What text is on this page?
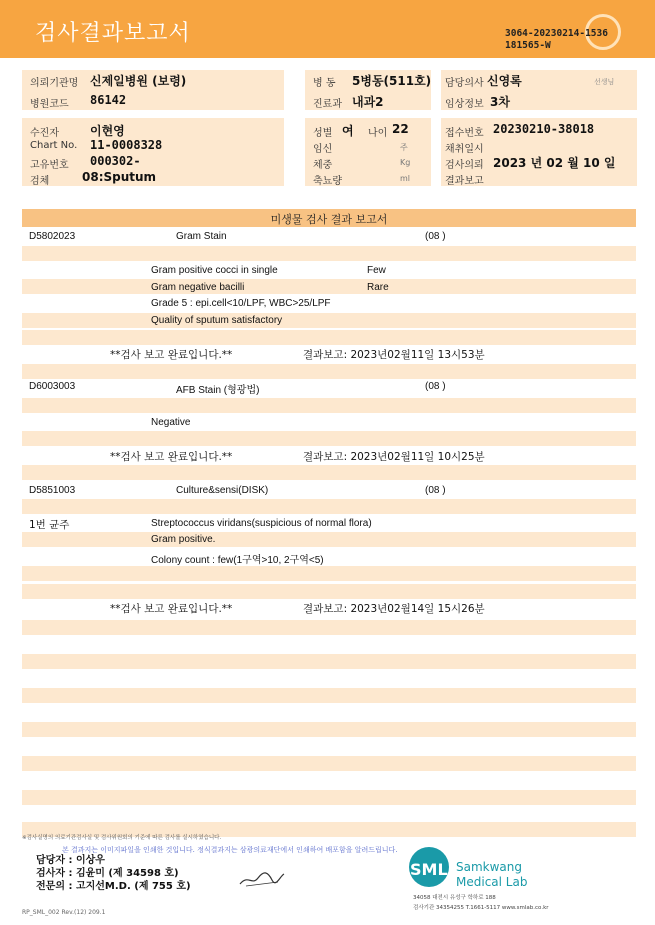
검사결과보고서	3064-20230214-1536
181565-W
의뢰기관명 신제일병원 (보령)
병원코드 86142
병 동 5병동(511호)
진료과 내과2
담당의사 신영록	선생님
임상정보 3차
수진자	이현영
Chart No. 11-0008328
고유번호 000302-
검체	08:Sputum
성별 여 나이 22
임신	주
체중	Kg
축뇨량	ml
접수번호 20230210-38018
채취일시
검사의뢰 2023 년 02 월 10 일
결과보고
미생물 검사 결과 보고서
D5802023	Gram Stain	(08 )
Gram positive cocci in single	Few
Gram negative bacilli	Rare
Grade 5 : epi.cell<10/LPF, WBC>25/LPF
Quality of sputum satisfactory
**검사 보고 완료입니다.**	결과보고: 2023년02월11일 13시53분
D6003003	AFB Stain (형광법)	(08 )
Negative
**검사 보고 완료입니다.**	결과보고: 2023년02월11일 10시25분
D5851003	Culture&sensi(DISK)	(08 )
1번 균주	Streptococcus viridans(suspicious of normal flora)
Gram positive.
Colony count : few(1구역>10, 2구역<5)
**검사 보고 완료입니다.**	결과보고: 2023년02월14일 15시26분
※검사실명의 의료기관검사실 및 검사위원회의 기준에 따른 검사를 실시하였습니다.
본 결과지는 이미지파일을 인쇄한 것입니다. 정식결과지는 삼광의료재단에서 인쇄하여 배포함을 알려드립니다.
담당자 : 이상우
검사자 : 김윤미 (제 34598 호)
전문의 : 고지선M.D. (제 755 호)
SML Samkwang
Medical Lab
34058 대전시 유성구 학하로 188
검사기관 34354255 T.1661-5117 www.smlab.co.kr
RP_SML_002 Rev.(12) 209.1
